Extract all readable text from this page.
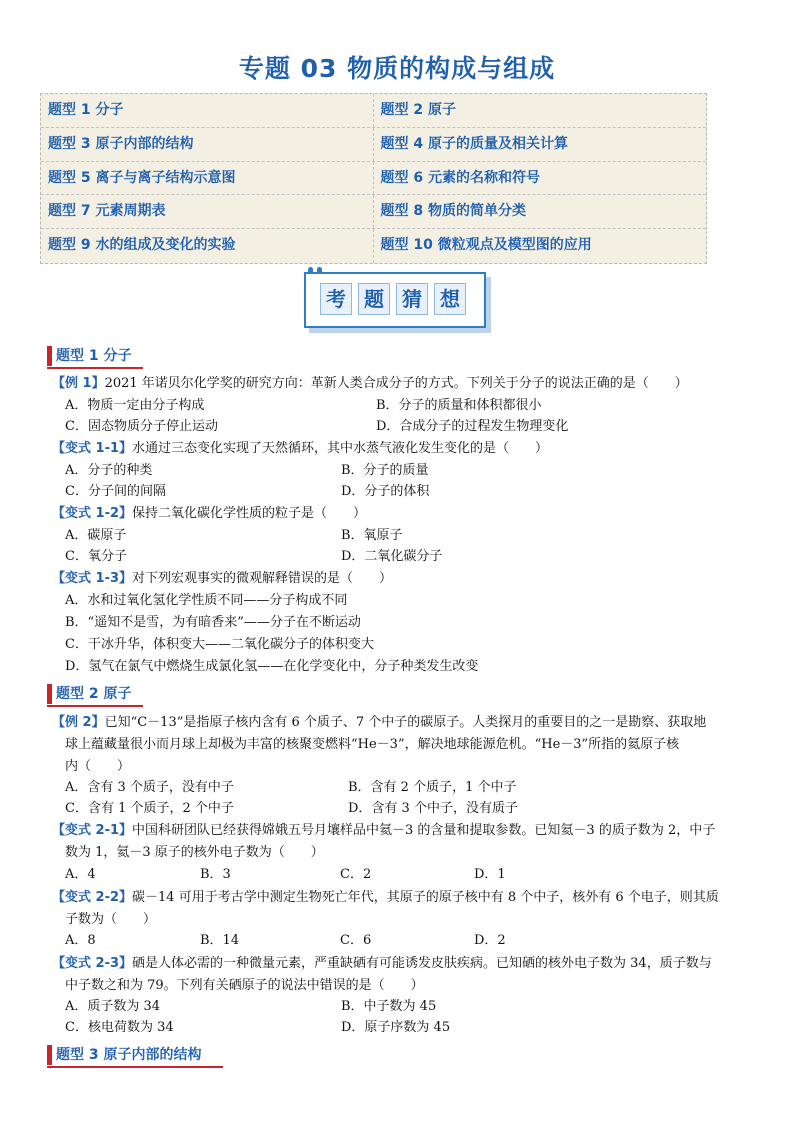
专题 03 物质的构成与组成
题型 1 分子	题型 2 原子
题型 3 原子内部的结构	题型 4 原子的质量及相关计算
题型 5 离子与离子结构示意图	题型 6 元素的名称和符号
题型 7 元素周期表	题型 8 物质的简单分类
题型 9 水的组成及变化的实验	题型 10 微粒观点及模型图的应用
考 题 猜 想
题型 1 分子
【例 1】2021 年诺贝尔化学奖的研究方向：革新人类合成分子的方式。下列关于分子的说法正确的是（　　）
A．物质一定由分子构成	B．分子的质量和体积都很小
C．固态物质分子停止运动	D．合成分子的过程发生物理变化
【变式 1-1】水通过三态变化实现了天然循环，其中水蒸气液化发生变化的是（　　）
A．分子的种类	B．分子的质量
C．分子间的间隔	D．分子的体积
【变式 1-2】保持二氧化碳化学性质的粒子是（　　）
A．碳原子	B．氧原子
C．氧分子	D．二氧化碳分子
【变式 1-3】对下列宏观事实的微观解释错误的是（　　）
A．水和过氧化氢化学性质不同——分子构成不同
B．“遥知不是雪，为有暗香来”——分子在不断运动
C．干冰升华，体积变大——二氧化碳分子的体积变大
D．氢气在氯气中燃烧生成氯化氢——在化学变化中，分子种类发生改变
题型 2 原子
【例 2】已知“C－13”是指原子核内含有 6 个质子、7 个中子的碳原子。人类探月的重要目的之一是勘察、获取地
球上蕴藏量很小而月球上却极为丰富的核聚变燃料“He－3”，解决地球能源危机。“He－3”所指的氦原子核
内（　　）
A．含有 3 个质子，没有中子	B．含有 2 个质子，1 个中子
C．含有 1 个质子，2 个中子	D．含有 3 个中子，没有质子
【变式 2-1】中国科研团队已经获得嫦娥五号月壤样品中氦－3 的含量和提取参数。已知氦－3 的质子数为 2，中子
数为 1，氦－3 原子的核外电子数为（　　）
A．4	B．3	C．2	D．1
【变式 2-2】碳－14 可用于考古学中测定生物死亡年代，其原子的原子核中有 8 个中子，核外有 6 个电子，则其质
子数为（　　）
A．8	B．14	C．6	D．2
【变式 2-3】硒是人体必需的一种微量元素，严重缺硒有可能诱发皮肤疾病。已知硒的核外电子数为 34，质子数与
中子数之和为 79。下列有关硒原子的说法中错误的是（　　）
A．质子数为 34	B．中子数为 45
C．核电荷数为 34	D．原子序数为 45
题型 3 原子内部的结构
